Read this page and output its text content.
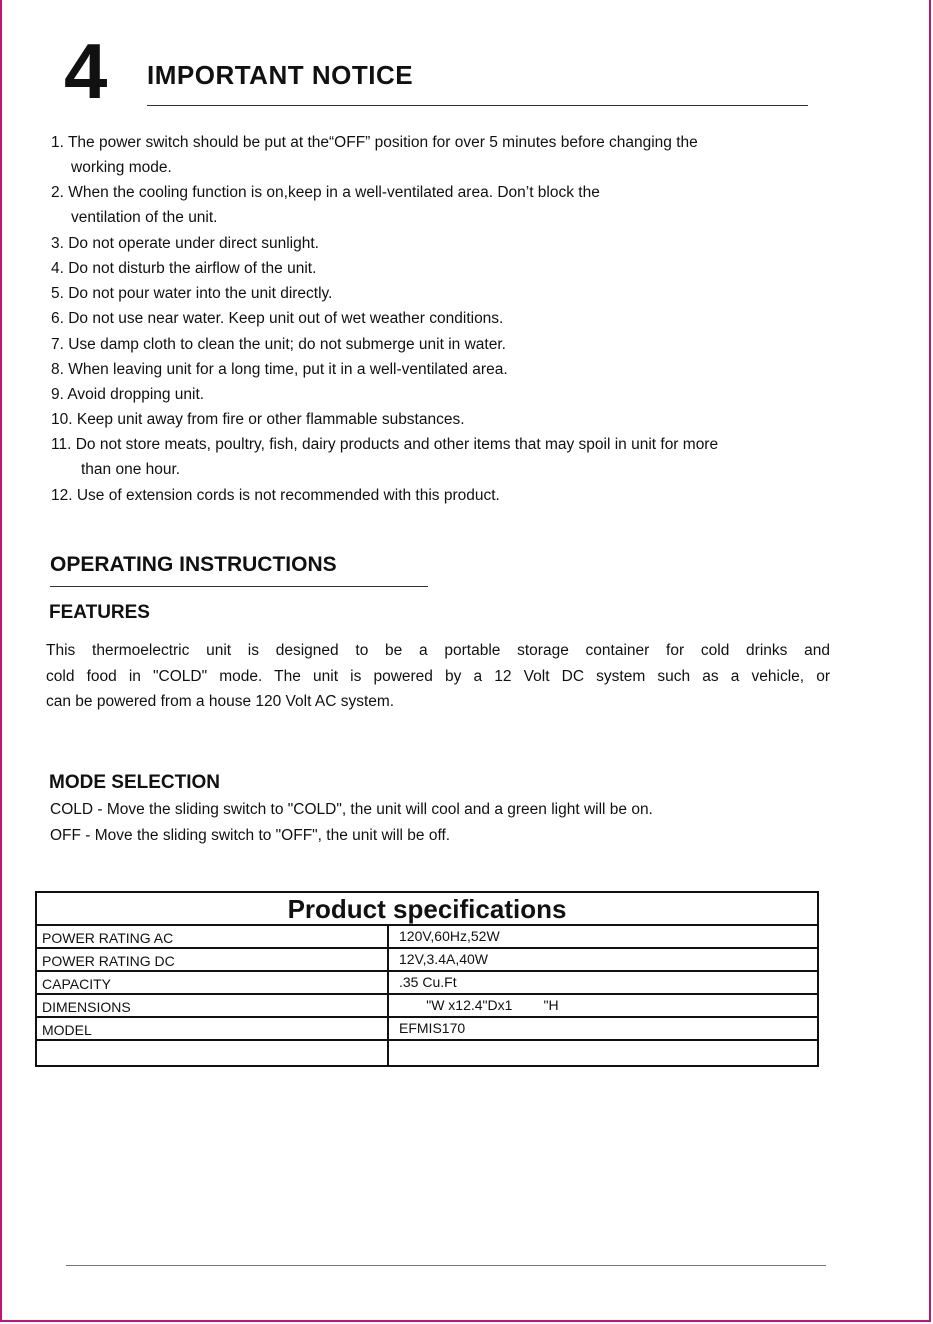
4 IMPORTANT NOTICE
1. The power switch should be put at the“OFF” position for over 5 minutes before changing the
working mode.
2. When the cooling function is on,keep in a well-ventilated area. Don’t block the
ventilation of the unit.
3. Do not operate under direct sunlight.
4. Do not disturb the airflow of the unit.
5. Do not pour water into the unit directly.
6. Do not use near water. Keep unit out of wet weather conditions.
7. Use damp cloth to clean the unit; do not submerge unit in water.
8. When leaving unit for a long time, put it in a well-ventilated area.
9. Avoid dropping unit.
10. Keep unit away from fire or other flammable substances.
11. Do not store meats, poultry, fish, dairy products and other items that may spoil in unit for more
than one hour.
12. Use of extension cords is not recommended with this product.
OPERATING INSTRUCTIONS
FEATURES
This thermoelectric unit is designed to be a portable storage container for cold drinks and
cold food in "COLD" mode. The unit is powered by a 12 Volt DC system such as a vehicle, or
can be powered from a house 120 Volt AC system.
MODE SELECTION
COLD - Move the sliding switch to "COLD", the unit will cool and a green light will be on.
OFF - Move the sliding switch to "OFF", the unit will be off.
Product specifications
POWER RATING AC	120V,60Hz,52W
POWER RATING DC	12V,3.4A,40W
CAPACITY	.35 Cu.Ft
DIMENSIONS	"W x12.4"Dx1        "H
MODEL	EFMIS170
